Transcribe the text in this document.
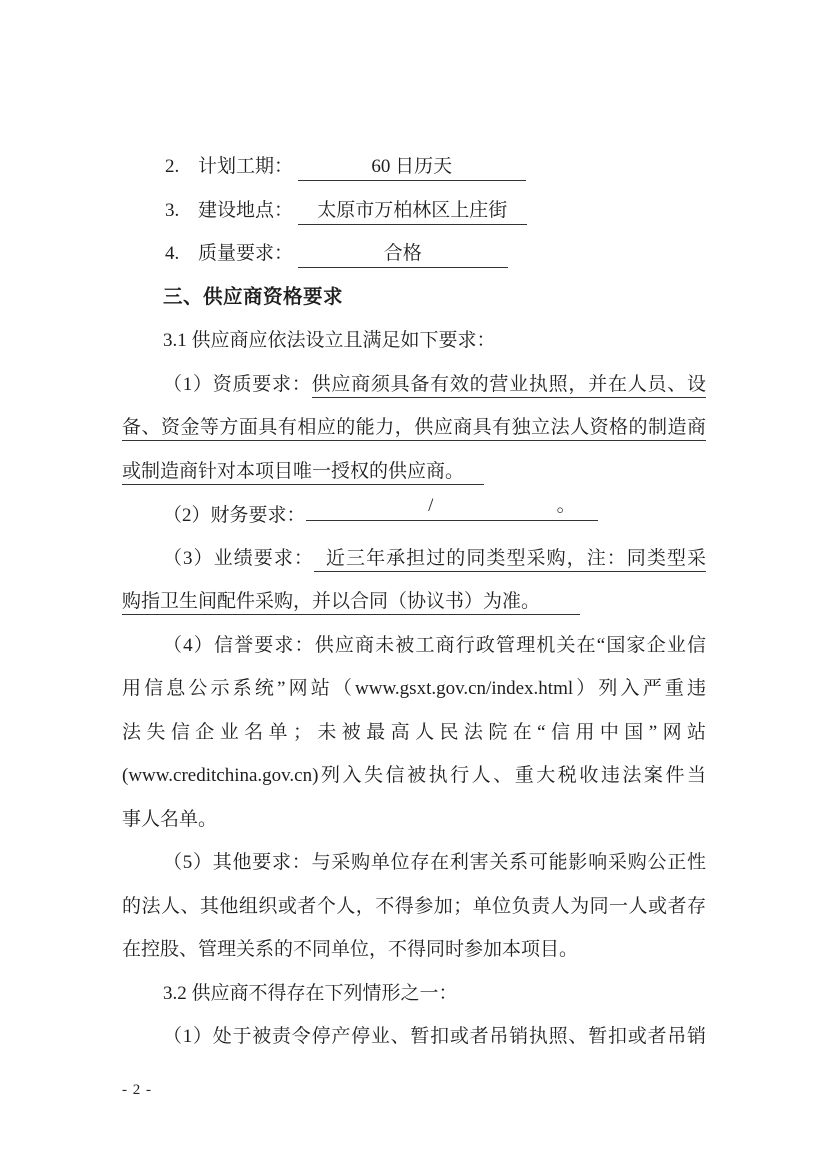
2. 计划工期：	60 日历天
3. 建设地点： 太原市万柏林区上庄街
4. 质量要求：	合格
三、供应商资格要求
3.1 供应商应依法设立且满足如下要求：
（1）资质要求：供应商须具备有效的营业执照，并在人员、设
备、资金等方面具有相应的能力，供应商具有独立法人资格的制造商
或制造商针对本项目唯一授权的供应商。
（2）财务要求：	/	。
（3）业绩要求： 近三年承担过的同类型采购，注：同类型采
购指卫生间配件采购，并以合同（协议书）为准。
（4）信誉要求：供应商未被工商行政管理机关在“国家企业信
用信息公示系统”网站（www.gsxt.gov.cn/index.html）列入严重违
法失信企业名单；未被最高人民法院在“信用中国”网站
(www.creditchina.gov.cn)列入失信被执行人、重大税收违法案件当
事人名单。
（5）其他要求：与采购单位存在利害关系可能影响采购公正性
的法人、其他组织或者个人，不得参加；单位负责人为同一人或者存
在控股、管理关系的不同单位，不得同时参加本项目。
3.2 供应商不得存在下列情形之一：
（1）处于被责令停产停业、暂扣或者吊销执照、暂扣或者吊销
- 2 -
